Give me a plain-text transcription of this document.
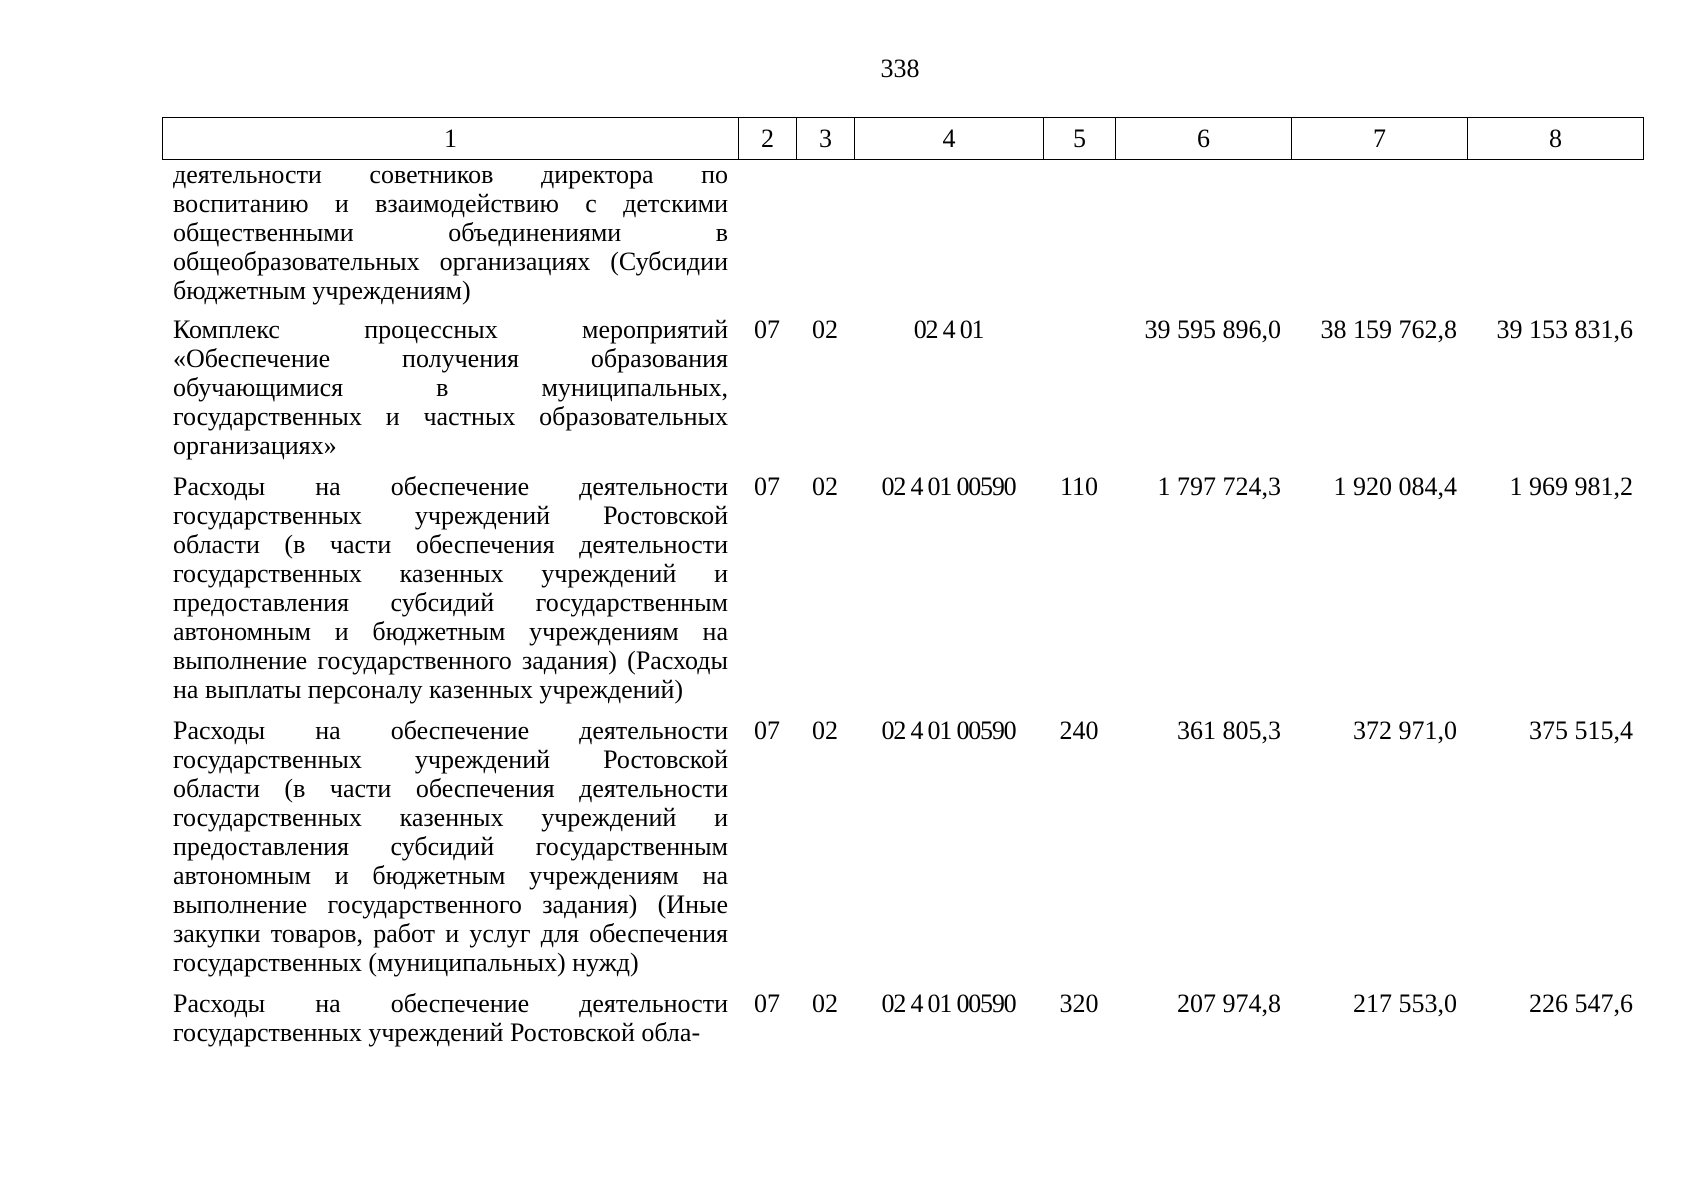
338
1	2	3	4	5	6	7	8
деятельности советников директора по воспитанию и взаимодействию с детскими общественными объединениями в общеобразовательных организациях (Субсидии бюджетным учреждениям)							
Комплекс процессных мероприятий «Обеспечение получения образования обучающимися в муниципальных, государственных и частных образовательных организациях»	07	02	02 4 01		39 595 896,0	38 159 762,8	39 153 831,6
Расходы на обеспечение деятельности государственных учреждений Ростовской области (в части обеспечения деятельности государственных казенных учреждений и предоставления субсидий государственным автономным и бюджетным учреждениям на выполнение государственного задания) (Расходы на выплаты персоналу казенных учреждений)	07	02	02 4 01 00590	110	1 797 724,3	1 920 084,4	1 969 981,2
Расходы на обеспечение деятельности государственных учреждений Ростовской области (в части обеспечения деятельности государственных казенных учреждений и предоставления субсидий государственным автономным и бюджетным учреждениям на выполнение государственного задания) (Иные закупки товаров, работ и услуг для обеспечения государственных (муниципальных) нужд)	07	02	02 4 01 00590	240	361 805,3	372 971,0	375 515,4
Расходы на обеспечение деятельности государственных учреждений Ростовской обла-	07	02	02 4 01 00590	320	207 974,8	217 553,0	226 547,6
